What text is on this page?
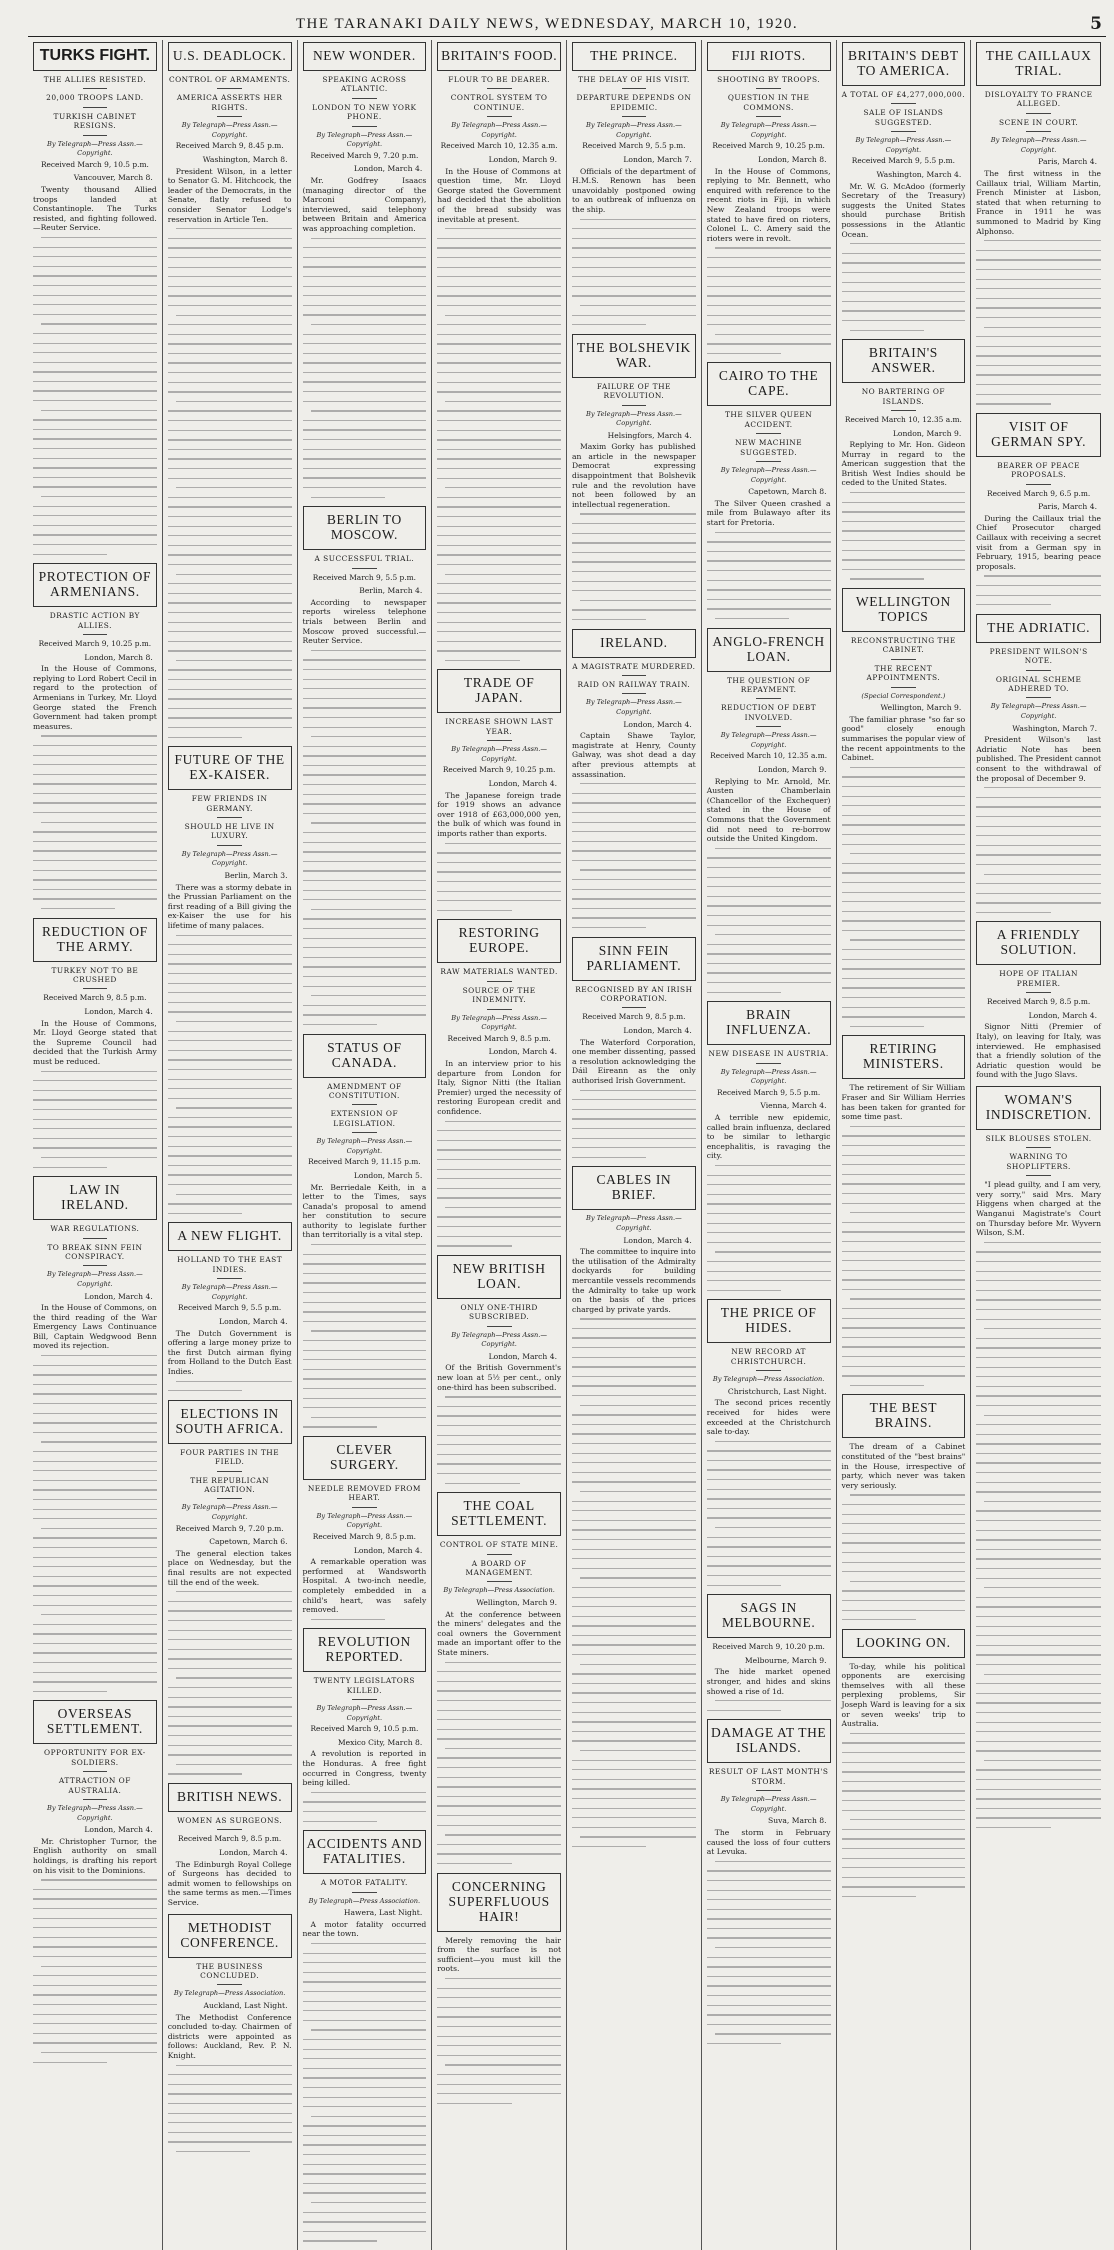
THE TARANAKI DAILY NEWS, WEDNESDAY, MARCH 10, 1920.	5
TURKS FIGHT.
THE ALLIES RESISTED.
20,000 TROOPS LAND.
TURKISH CABINET RESIGNS.
By Telegraph—Press Assn.—Copyright.
Received March 9, 10.5 p.m.
Vancouver, March 8.
Twenty thousand Allied troops landed at Constantinople. The Turks resisted, and fighting followed.—Reuter Service.
PROTECTION OF ARMENIANS.
DRASTIC ACTION BY ALLIES.
Received March 9, 10.25 p.m.
London, March 8.
In the House of Commons, replying to Lord Robert Cecil in regard to the protection of Armenians in Turkey, Mr. Lloyd George stated the French Government had taken prompt measures.
REDUCTION OF THE ARMY.
TURKEY NOT TO BE CRUSHED
Received March 9, 8.5 p.m.
London, March 4.
In the House of Commons, Mr. Lloyd George stated that the Supreme Council had decided that the Turkish Army must be reduced.
LAW IN IRELAND.
WAR REGULATIONS.
TO BREAK SINN FEIN CONSPIRACY.
By Telegraph—Press Assn.—Copyright.
London, March 4.
In the House of Commons, on the third reading of the War Emergency Laws Continuance Bill, Captain Wedgwood Benn moved its rejection.
OVERSEAS SETTLEMENT.
OPPORTUNITY FOR EX-SOLDIERS.
ATTRACTION OF AUSTRALIA.
By Telegraph—Press Assn.—Copyright.
London, March 4.
Mr. Christopher Turnor, the English authority on small holdings, is drafting his report on his visit to the Dominions.
U.S. DEADLOCK.
CONTROL OF ARMAMENTS.
AMERICA ASSERTS HER RIGHTS.
By Telegraph—Press Assn.—Copyright.
Received March 9, 8.45 p.m.
Washington, March 8.
President Wilson, in a letter to Senator G. M. Hitchcock, the leader of the Democrats, in the Senate, flatly refused to consider Senator Lodge's reservation in Article Ten.
FUTURE OF THE EX-KAISER.
FEW FRIENDS IN GERMANY.
SHOULD HE LIVE IN LUXURY.
By Telegraph—Press Assn.—Copyright.
Berlin, March 3.
There was a stormy debate in the Prussian Parliament on the first reading of a Bill giving the ex-Kaiser the use for his lifetime of many palaces.
A NEW FLIGHT.
HOLLAND TO THE EAST INDIES.
By Telegraph—Press Assn.—Copyright.
Received March 9, 5.5 p.m.
London, March 4.
The Dutch Government is offering a large money prize to the first Dutch airman flying from Holland to the Dutch East Indies.
ELECTIONS IN SOUTH AFRICA.
FOUR PARTIES IN THE FIELD.
THE REPUBLICAN AGITATION.
By Telegraph—Press Assn.—Copyright.
Received March 9, 7.20 p.m.
Capetown, March 6.
The general election takes place on Wednesday, but the final results are not expected till the end of the week.
BRITISH NEWS.
WOMEN AS SURGEONS.
Received March 9, 8.5 p.m.
London, March 4.
The Edinburgh Royal College of Surgeons has decided to admit women to fellowships on the same terms as men.—Times Service.
METHODIST CONFERENCE.
THE BUSINESS CONCLUDED.
By Telegraph—Press Association.
Auckland, Last Night.
The Methodist Conference concluded to-day. Chairmen of districts were appointed as follows: Auckland, Rev. P. N. Knight.
NEW WONDER.
SPEAKING ACROSS ATLANTIC.
LONDON TO NEW YORK PHONE.
By Telegraph—Press Assn.—Copyright.
Received March 9, 7.20 p.m.
London, March 4.
Mr. Godfrey Isaacs (managing director of the Marconi Company), interviewed, said telephony between Britain and America was approaching completion.
BERLIN TO MOSCOW.
A SUCCESSFUL TRIAL.
Received March 9, 5.5 p.m.
Berlin, March 4.
According to newspaper reports wireless telephone trials between Berlin and Moscow proved successful.—Reuter Service.
STATUS OF CANADA.
AMENDMENT OF CONSTITUTION.
EXTENSION OF LEGISLATION.
By Telegraph—Press Assn.—Copyright.
Received March 9, 11.15 p.m.
London, March 5.
Mr. Berriedale Keith, in a letter to the Times, says Canada's proposal to amend her constitution to secure authority to legislate further than territorially is a vital step.
CLEVER SURGERY.
NEEDLE REMOVED FROM HEART.
By Telegraph—Press Assn.—Copyright.
Received March 9, 8.5 p.m.
London, March 4.
A remarkable operation was performed at Wandsworth Hospital. A two-inch needle, completely embedded in a child's heart, was safely removed.
REVOLUTION REPORTED.
TWENTY LEGISLATORS KILLED.
By Telegraph—Press Assn.—Copyright.
Received March 9, 10.5 p.m.
Mexico City, March 8.
A revolution is reported in the Honduras. A free fight occurred in Congress, twenty being killed.
ACCIDENTS AND FATALITIES.
A MOTOR FATALITY.
By Telegraph—Press Association.
Hawera, Last Night.
A motor fatality occurred near the town.
BRITAIN'S FOOD.
FLOUR TO BE DEARER.
CONTROL SYSTEM TO CONTINUE.
By Telegraph—Press Assn.—Copyright.
Received March 10, 12.35 a.m.
London, March 9.
In the House of Commons at question time, Mr. Lloyd George stated the Government had decided that the abolition of the bread subsidy was inevitable at present.
TRADE OF JAPAN.
INCREASE SHOWN LAST YEAR.
By Telegraph—Press Assn.—Copyright.
Received March 9, 10.25 p.m.
London, March 4.
The Japanese foreign trade for 1919 shows an advance over 1918 of £63,000,000 yen, the bulk of which was found in imports rather than exports.
RESTORING EUROPE.
RAW MATERIALS WANTED.
SOURCE OF THE INDEMNITY.
By Telegraph—Press Assn.—Copyright.
Received March 9, 8.5 p.m.
London, March 4.
In an interview prior to his departure from London for Italy, Signor Nitti (the Italian Premier) urged the necessity of restoring European credit and confidence.
NEW BRITISH LOAN.
ONLY ONE-THIRD SUBSCRIBED.
By Telegraph—Press Assn.—Copyright.
London, March 4.
Of the British Government's new loan at 5½ per cent., only one-third has been subscribed.
THE COAL SETTLEMENT.
CONTROL OF STATE MINE.
A BOARD OF MANAGEMENT.
By Telegraph—Press Association.
Wellington, March 9.
At the conference between the miners' delegates and the coal owners the Government made an important offer to the State miners.
CONCERNING SUPERFLUOUS HAIR!
Merely removing the hair from the surface is not sufficient—you must kill the roots.
THE PRINCE.
THE DELAY OF HIS VISIT.
DEPARTURE DEPENDS ON EPIDEMIC.
By Telegraph—Press Assn.—Copyright.
Received March 9, 5.5 p.m.
London, March 7.
Officials of the department of H.M.S. Renown has been unavoidably postponed owing to an outbreak of influenza on the ship.
THE BOLSHEVIK WAR.
FAILURE OF THE REVOLUTION.
By Telegraph—Press Assn.—Copyright.
Helsingfors, March 4.
Maxim Gorky has published an article in the newspaper Democrat expressing disappointment that Bolshevik rule and the revolution have not been followed by an intellectual regeneration.
IRELAND.
A MAGISTRATE MURDERED.
RAID ON RAILWAY TRAIN.
By Telegraph—Press Assn.—Copyright.
London, March 4.
Captain Shawe Taylor, magistrate at Henry, County Galway, was shot dead a day after previous attempts at assassination.
SINN FEIN PARLIAMENT.
RECOGNISED BY AN IRISH CORPORATION.
Received March 9, 8.5 p.m.
London, March 4.
The Waterford Corporation, one member dissenting, passed a resolution acknowledging the Dáil Eireann as the only authorised Irish Government.
CABLES IN BRIEF.
By Telegraph—Press Assn.—Copyright.
London, March 4.
The committee to inquire into the utilisation of the Admiralty dockyards for building mercantile vessels recommends the Admiralty to take up work on the basis of the prices charged by private yards.
FIJI RIOTS.
SHOOTING BY TROOPS.
QUESTION IN THE COMMONS.
By Telegraph—Press Assn.—Copyright.
Received March 9, 10.25 p.m.
London, March 8.
In the House of Commons, replying to Mr. Bennett, who enquired with reference to the recent riots in Fiji, in which New Zealand troops were stated to have fired on rioters, Colonel L. C. Amery said the rioters were in revolt.
CAIRO TO THE CAPE.
THE SILVER QUEEN ACCIDENT.
NEW MACHINE SUGGESTED.
By Telegraph—Press Assn.—Copyright.
Capetown, March 8.
The Silver Queen crashed a mile from Bulawayo after its start for Pretoria.
ANGLO-FRENCH LOAN.
THE QUESTION OF REPAYMENT.
REDUCTION OF DEBT INVOLVED.
By Telegraph—Press Assn.—Copyright.
Received March 10, 12.35 a.m.
London, March 9.
Replying to Mr. Arnold, Mr. Austen Chamberlain (Chancellor of the Exchequer) stated in the House of Commons that the Government did not need to re-borrow outside the United Kingdom.
BRAIN INFLUENZA.
NEW DISEASE IN AUSTRIA.
By Telegraph—Press Assn.—Copyright.
Received March 9, 5.5 p.m.
Vienna, March 4.
A terrible new epidemic, called brain influenza, declared to be similar to lethargic encephalitis, is ravaging the city.
THE PRICE OF HIDES.
NEW RECORD AT CHRISTCHURCH.
By Telegraph—Press Association.
Christchurch, Last Night.
The second prices recently received for hides were exceeded at the Christchurch sale to-day.
SAGS IN MELBOURNE.
Received March 9, 10.20 p.m.
Melbourne, March 9.
The hide market opened stronger, and hides and skins showed a rise of 1d.
DAMAGE AT THE ISLANDS.
RESULT OF LAST MONTH'S STORM.
By Telegraph—Press Assn.—Copyright.
Suva, March 8.
The storm in February caused the loss of four cutters at Levuka.
BRITAIN'S DEBT TO AMERICA.
A TOTAL OF £4,277,000,000.
SALE OF ISLANDS SUGGESTED.
By Telegraph—Press Assn.—Copyright.
Received March 9, 5.5 p.m.
Washington, March 4.
Mr. W. G. McAdoo (formerly Secretary of the Treasury) suggests the United States should purchase British possessions in the Atlantic Ocean.
BRITAIN'S ANSWER.
NO BARTERING OF ISLANDS.
Received March 10, 12.35 a.m.
London, March 9.
Replying to Mr. Hon. Gideon Murray in regard to the American suggestion that the British West Indies should be ceded to the United States.
WELLINGTON TOPICS
RECONSTRUCTING THE CABINET.
THE RECENT APPOINTMENTS.
(Special Correspondent.)
Wellington, March 9.
The familiar phrase "so far so good" closely enough summarises the popular view of the recent appointments to the Cabinet.
RETIRING MINISTERS.
The retirement of Sir William Fraser and Sir William Herries has been taken for granted for some time past.
THE BEST BRAINS.
The dream of a Cabinet constituted of the "best brains" in the House, irrespective of party, which never was taken very seriously.
LOOKING ON.
To-day, while his political opponents are exercising themselves with all these perplexing problems, Sir Joseph Ward is leaving for a six or seven weeks' trip to Australia.
THE CAILLAUX TRIAL.
DISLOYALTY TO FRANCE ALLEGED.
SCENE IN COURT.
By Telegraph—Press Assn.—Copyright.
Paris, March 4.
The first witness in the Caillaux trial, William Martin, French Minister at Lisbon, stated that when returning to France in 1911 he was summoned to Madrid by King Alphonso.
VISIT OF GERMAN SPY.
BEARER OF PEACE PROPOSALS.
Received March 9, 6.5 p.m.
Paris, March 4.
During the Caillaux trial the Chief Prosecutor charged Caillaux with receiving a secret visit from a German spy in February, 1915, bearing peace proposals.
THE ADRIATIC.
PRESIDENT WILSON'S NOTE.
ORIGINAL SCHEME ADHERED TO.
By Telegraph—Press Assn.—Copyright.
Washington, March 7.
President Wilson's last Adriatic Note has been published. The President cannot consent to the withdrawal of the proposal of December 9.
A FRIENDLY SOLUTION.
HOPE OF ITALIAN PREMIER.
Received March 9, 8.5 p.m.
London, March 4.
Signor Nitti (Premier of Italy), on leaving for Italy, was interviewed. He emphasised that a friendly solution of the Adriatic question would be found with the Jugo Slavs.
WOMAN'S INDISCRETION.
SILK BLOUSES STOLEN.
WARNING TO SHOPLIFTERS.
"I plead guilty, and I am very, very sorry," said Mrs. Mary Higgens when charged at the Wanganui Magistrate's Court on Thursday before Mr. Wyvern Wilson, S.M.
